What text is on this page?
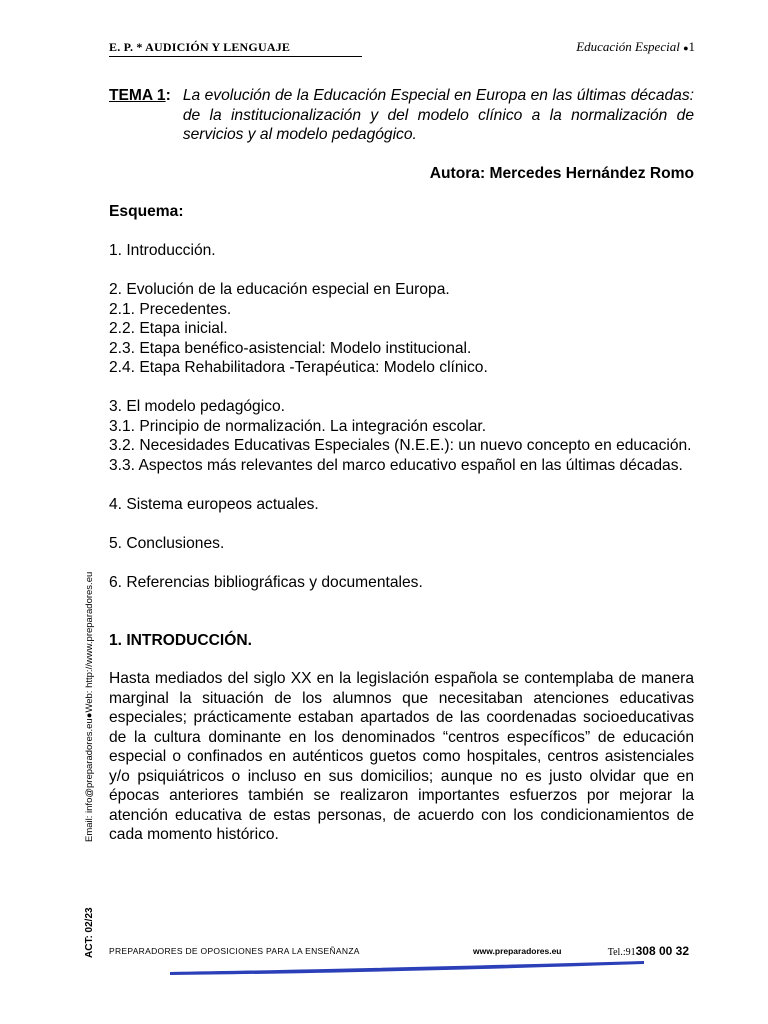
E. P. * AUDICIÓN Y LENGUAJE	Educación Especial ●1
Email: info@preparadores.eu●Web: http://www.preparadores.eu
ACT: 02/23
TEMA 1 : La evolución de la Educación Especial en Europa en las últimas décadas: de la institucionalización y del modelo clínico a la normalización de servicios y al modelo pedagógico.
Autora: Mercedes Hernández Romo
Esquema:

1. Introducción.

2. Evolución de la educación especial en Europa.

2.1. Precedentes.

2.2. Etapa inicial.

2.3. Etapa benéfico-asistencial: Modelo institucional.

2.4. Etapa Rehabilitadora -Terapéutica: Modelo clínico.

3. El modelo pedagógico.

3.1. Principio de normalización. La integración escolar.

3.2. Necesidades Educativas Especiales (N.E.E.): un nuevo concepto en educación.

3.3. Aspectos más relevantes del marco educativo español en las últimas décadas.

4. Sistema europeos actuales.

5. Conclusiones.

6. Referencias bibliográficas y documentales.

1. INTRODUCCIÓN.

Hasta mediados del siglo XX en la legislación española se contemplaba de manera marginal la situación de los alumnos que necesitaban atenciones educativas especiales; prácticamente estaban apartados de las coordenadas socioeducativas de la cultura dominante en los denominados “centros específicos” de educación especial o confinados en auténticos guetos como hospitales, centros asistenciales y/o psiquiátricos o incluso en sus domicilios; aunque no es justo olvidar que en épocas anteriores también se realizaron importantes esfuerzos por mejorar la atención educativa de estas personas, de acuerdo con los condicionamientos de cada momento histórico.

PREPARADORES DE OPOSICIONES PARA LA ENSEÑANZA	www.preparadores.eu	Tel.:91308 00 32
